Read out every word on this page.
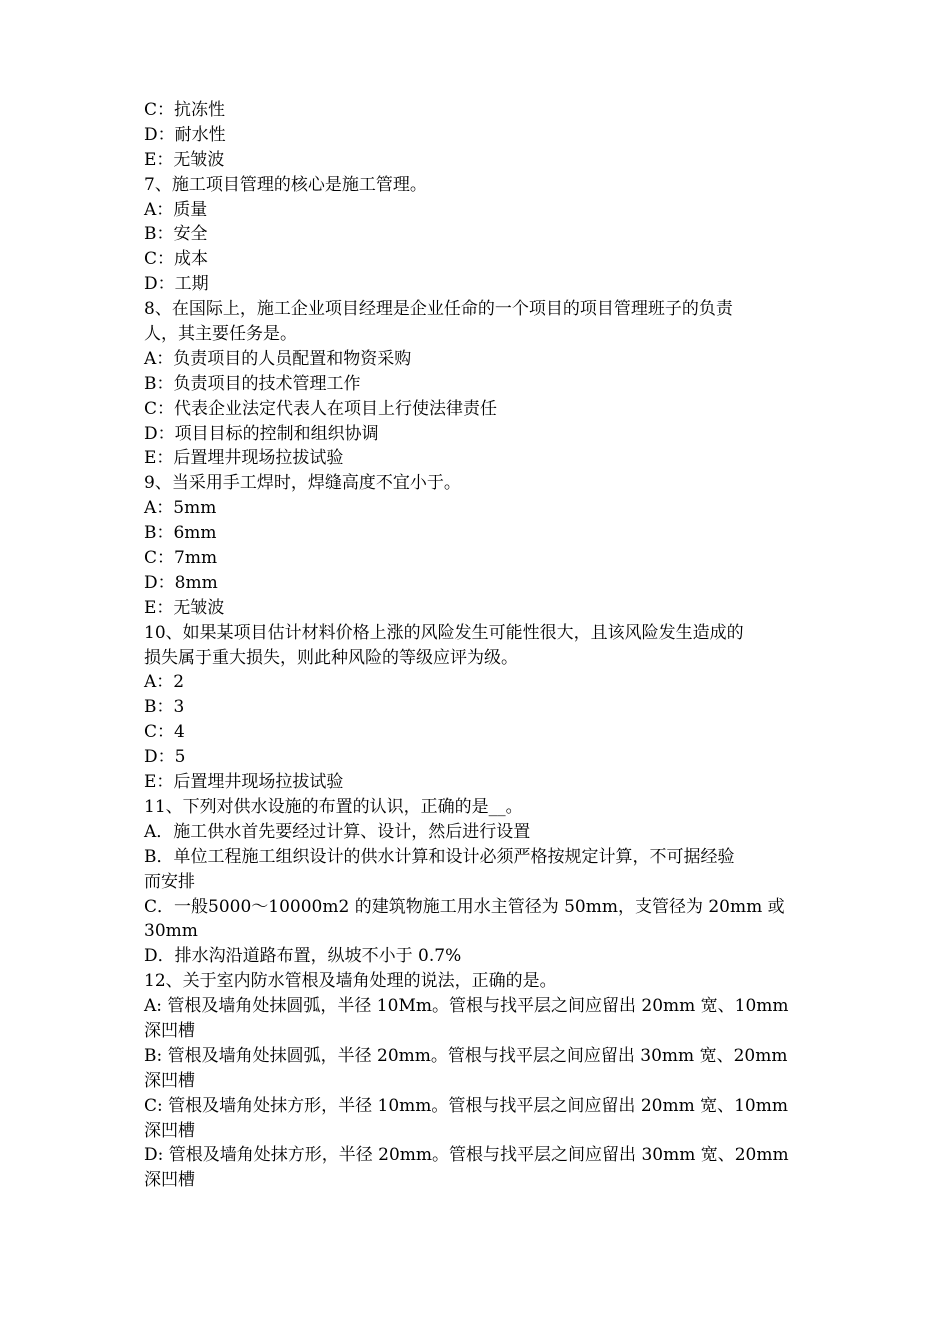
C：抗冻性
D：耐水性
E：无皱波
7、施工项目管理的核心是施工管理。
A：质量
B：安全
C：成本
D：工期
8、在国际上，施工企业项目经理是企业任命的一个项目的项目管理班子的负责
人，其主要任务是。
A：负责项目的人员配置和物资采购
B：负责项目的技术管理工作
C：代表企业法定代表人在项目上行使法律责任
D：项目目标的控制和组织协调
E：后置埋井现场拉拔试验
9、当采用手工焊时，焊缝高度不宜小于。
A：5mm
B：6mm
C：7mm
D：8mm
E：无皱波
10、如果某项目估计材料价格上涨的风险发生可能性很大，且该风险发生造成的
损失属于重大损失，则此种风险的等级应评为级。
A：2
B：3
C：4
D：5
E：后置埋井现场拉拔试验
11、下列对供水设施的布置的认识，正确的是__。
A．施工供水首先要经过计算、设计，然后进行设置
B．单位工程施工组织设计的供水计算和设计必须严格按规定计算，不可据经验
而安排
C．一般5000～10000m2 的建筑物施工用水主管径为 50mm，支管径为 20mm 或
30mm
D．排水沟沿道路布置，纵坡不小于 0.7%
12、关于室内防水管根及墙角处理的说法，正确的是。
A: 管根及墙角处抹圆弧，半径 10Mm。管根与找平层之间应留出 20mm 宽、10mm
深凹槽
B: 管根及墙角处抹圆弧，半径 20mm。管根与找平层之间应留出 30mm 宽、20mm
深凹槽
C: 管根及墙角处抹方形，半径 10mm。管根与找平层之间应留出 20mm 宽、10mm
深凹槽
D: 管根及墙角处抹方形，半径 20mm。管根与找平层之间应留出 30mm 宽、20mm
深凹槽
